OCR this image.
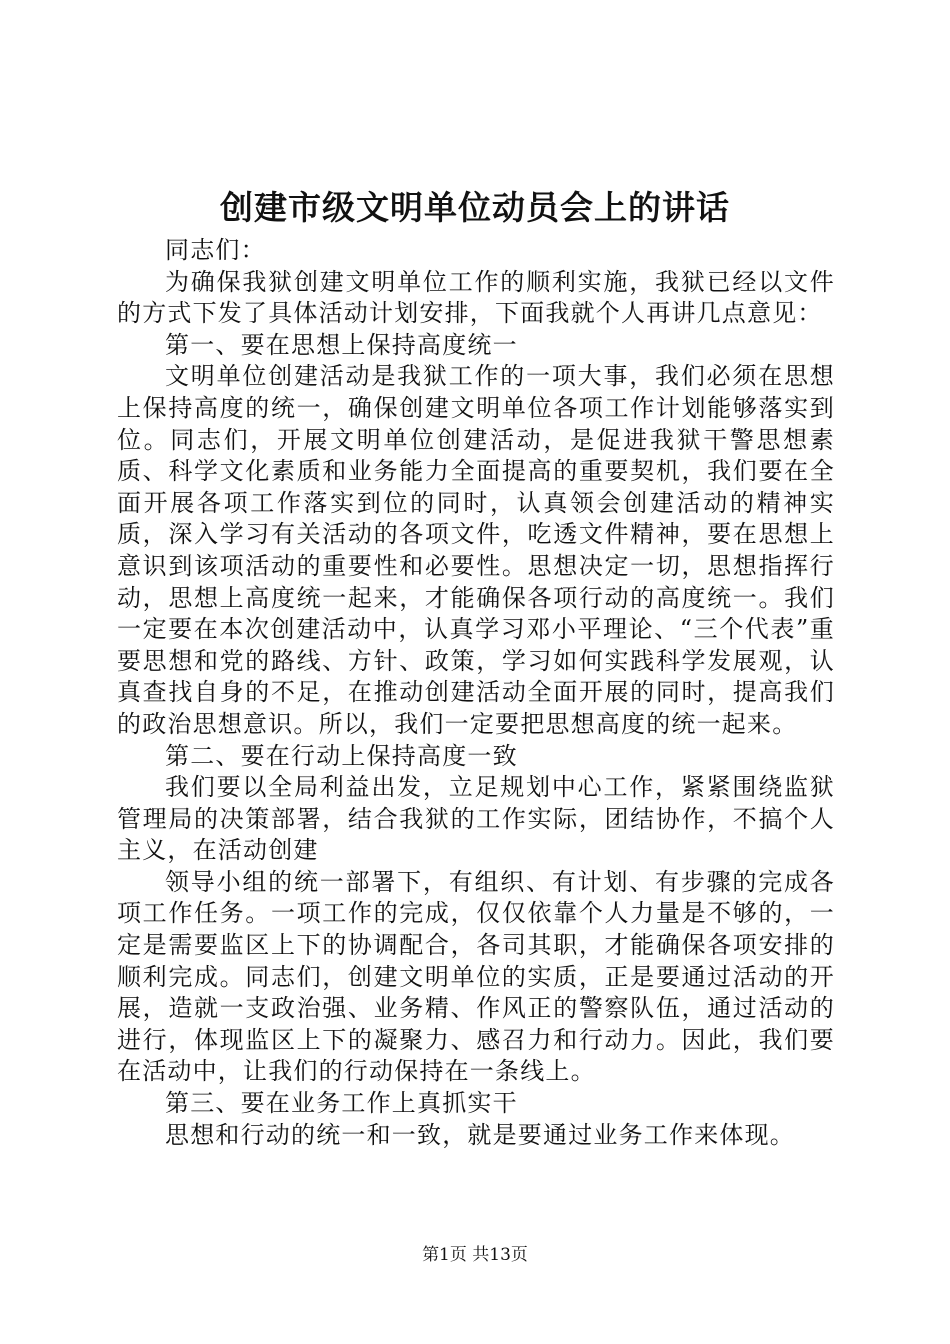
创建市级文明单位动员会上的讲话

同志们：

为确保我狱创建文明单位工作的顺利实施，我狱已经以文件的方式下发了具体活动计划安排，下面我就个人再讲几点意见：

第一、要在思想上保持高度统一

文明单位创建活动是我狱工作的一项大事，我们必须在思想上保持高度的统一，确保创建文明单位各项工作计划能够落实到位。同志们，开展文明单位创建活动，是促进我狱干警思想素质、科学文化素质和业务能力全面提高的重要契机，我们要在全面开展各项工作落实到位的同时，认真领会创建活动的精神实质，深入学习有关活动的各项文件，吃透文件精神，要在思想上意识到该项活动的重要性和必要性。思想决定一切，思想指挥行动，思想上高度统一起来，才能确保各项行动的高度统一。我们一定要在本次创建活动中，认真学习邓小平理论、“三个代表”重要思想和党的路线、方针、政策，学习如何实践科学发展观，认真查找自身的不足，在推动创建活动全面开展的同时，提高我们的政治思想意识。所以，我们一定要把思想高度的统一起来。

第二、要在行动上保持高度一致

我们要以全局利益出发，立足规划中心工作，紧紧围绕监狱管理局的决策部署，结合我狱的工作实际，团结协作，不搞个人主义，在活动创建

领导小组的统一部署下，有组织、有计划、有步骤的完成各项工作任务。一项工作的完成，仅仅依靠个人力量是不够的，一定是需要监区上下的协调配合，各司其职，才能确保各项安排的顺利完成。同志们，创建文明单位的实质，正是要通过活动的开展，造就一支政治强、业务精、作风正的警察队伍，通过活动的进行，体现监区上下的凝聚力、感召力和行动力。因此，我们要在活动中，让我们的行动保持在一条线上。

第三、要在业务工作上真抓实干

思想和行动的统一和一致，就是要通过业务工作来体现。

第1页 共13页
